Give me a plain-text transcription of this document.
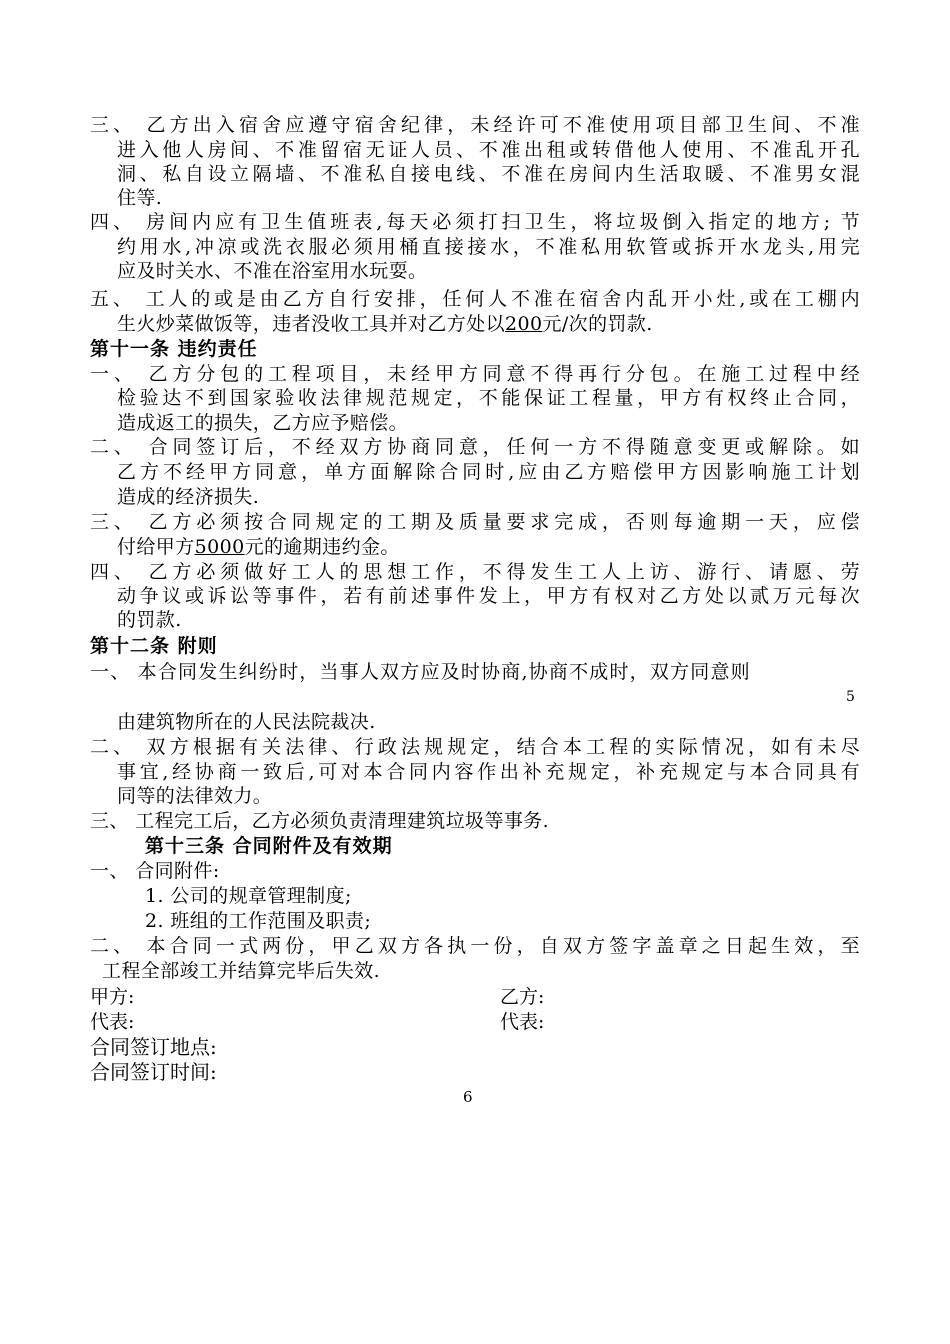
三、 乙方出入宿舍应遵守宿舍纪律，未经许可不准使用项目部卫生间、不准
进入他人房间、不准留宿无证人员、不准出租或转借他人使用、不准乱开孔
洞、私自设立隔墙、不准私自接电线、不准在房间内生活取暖、不准男女混
住等.
四、 房间内应有卫生值班表,每天必须打扫卫生，将垃圾倒入指定的地方; 节
约用水,冲凉或洗衣服必须用桶直接接水，不准私用软管或拆开水龙头,用完
应及时关水、不准在浴室用水玩耍。
五、 工人的或是由乙方自行安排，任何人不准在宿舍内乱开小灶,或在工棚内
生火炒菜做饭等，违者没收工具并对乙方处以200元/次的罚款.
第十一条 违约责任
一、 乙方分包的工程项目，未经甲方同意不得再行分包。在施工过程中经
检验达不到国家验收法律规范规定，不能保证工程量，甲方有权终止合同，
造成返工的损失，乙方应予赔偿。
二、 合同签订后，不经双方协商同意，任何一方不得随意变更或解除。如
乙方不经甲方同意，单方面解除合同时,应由乙方赔偿甲方因影响施工计划
造成的经济损失.
三、 乙方必须按合同规定的工期及质量要求完成，否则每逾期一天，应偿
付给甲方5000元的逾期违约金。
四、 乙方必须做好工人的思想工作，不得发生工人上访、游行、请愿、劳
动争议或诉讼等事件，若有前述事件发上，甲方有权对乙方处以贰万元每次
的罚款.
第十二条 附则
一、 本合同发生纠纷时，当事人双方应及时协商,协商不成时，双方同意则
5
由建筑物所在的人民法院裁决.
二、 双方根据有关法律、行政法规规定，结合本工程的实际情况，如有未尽
事宜,经协商一致后,可对本合同内容作出补充规定，补充规定与本合同具有
同等的法律效力。
三、 工程完工后，乙方必须负责清理建筑垃圾等事务.
第十三条 合同附件及有效期
一、 合同附件:
1. 公司的规章管理制度;
2. 班组的工作范围及职责;
二、 本合同一式两份，甲乙双方各执一份，自双方签字盖章之日起生效，至
工程全部竣工并结算完毕后失效.
甲方:	乙方:
代表:	代表:
合同签订地点:
合同签订时间:
6
